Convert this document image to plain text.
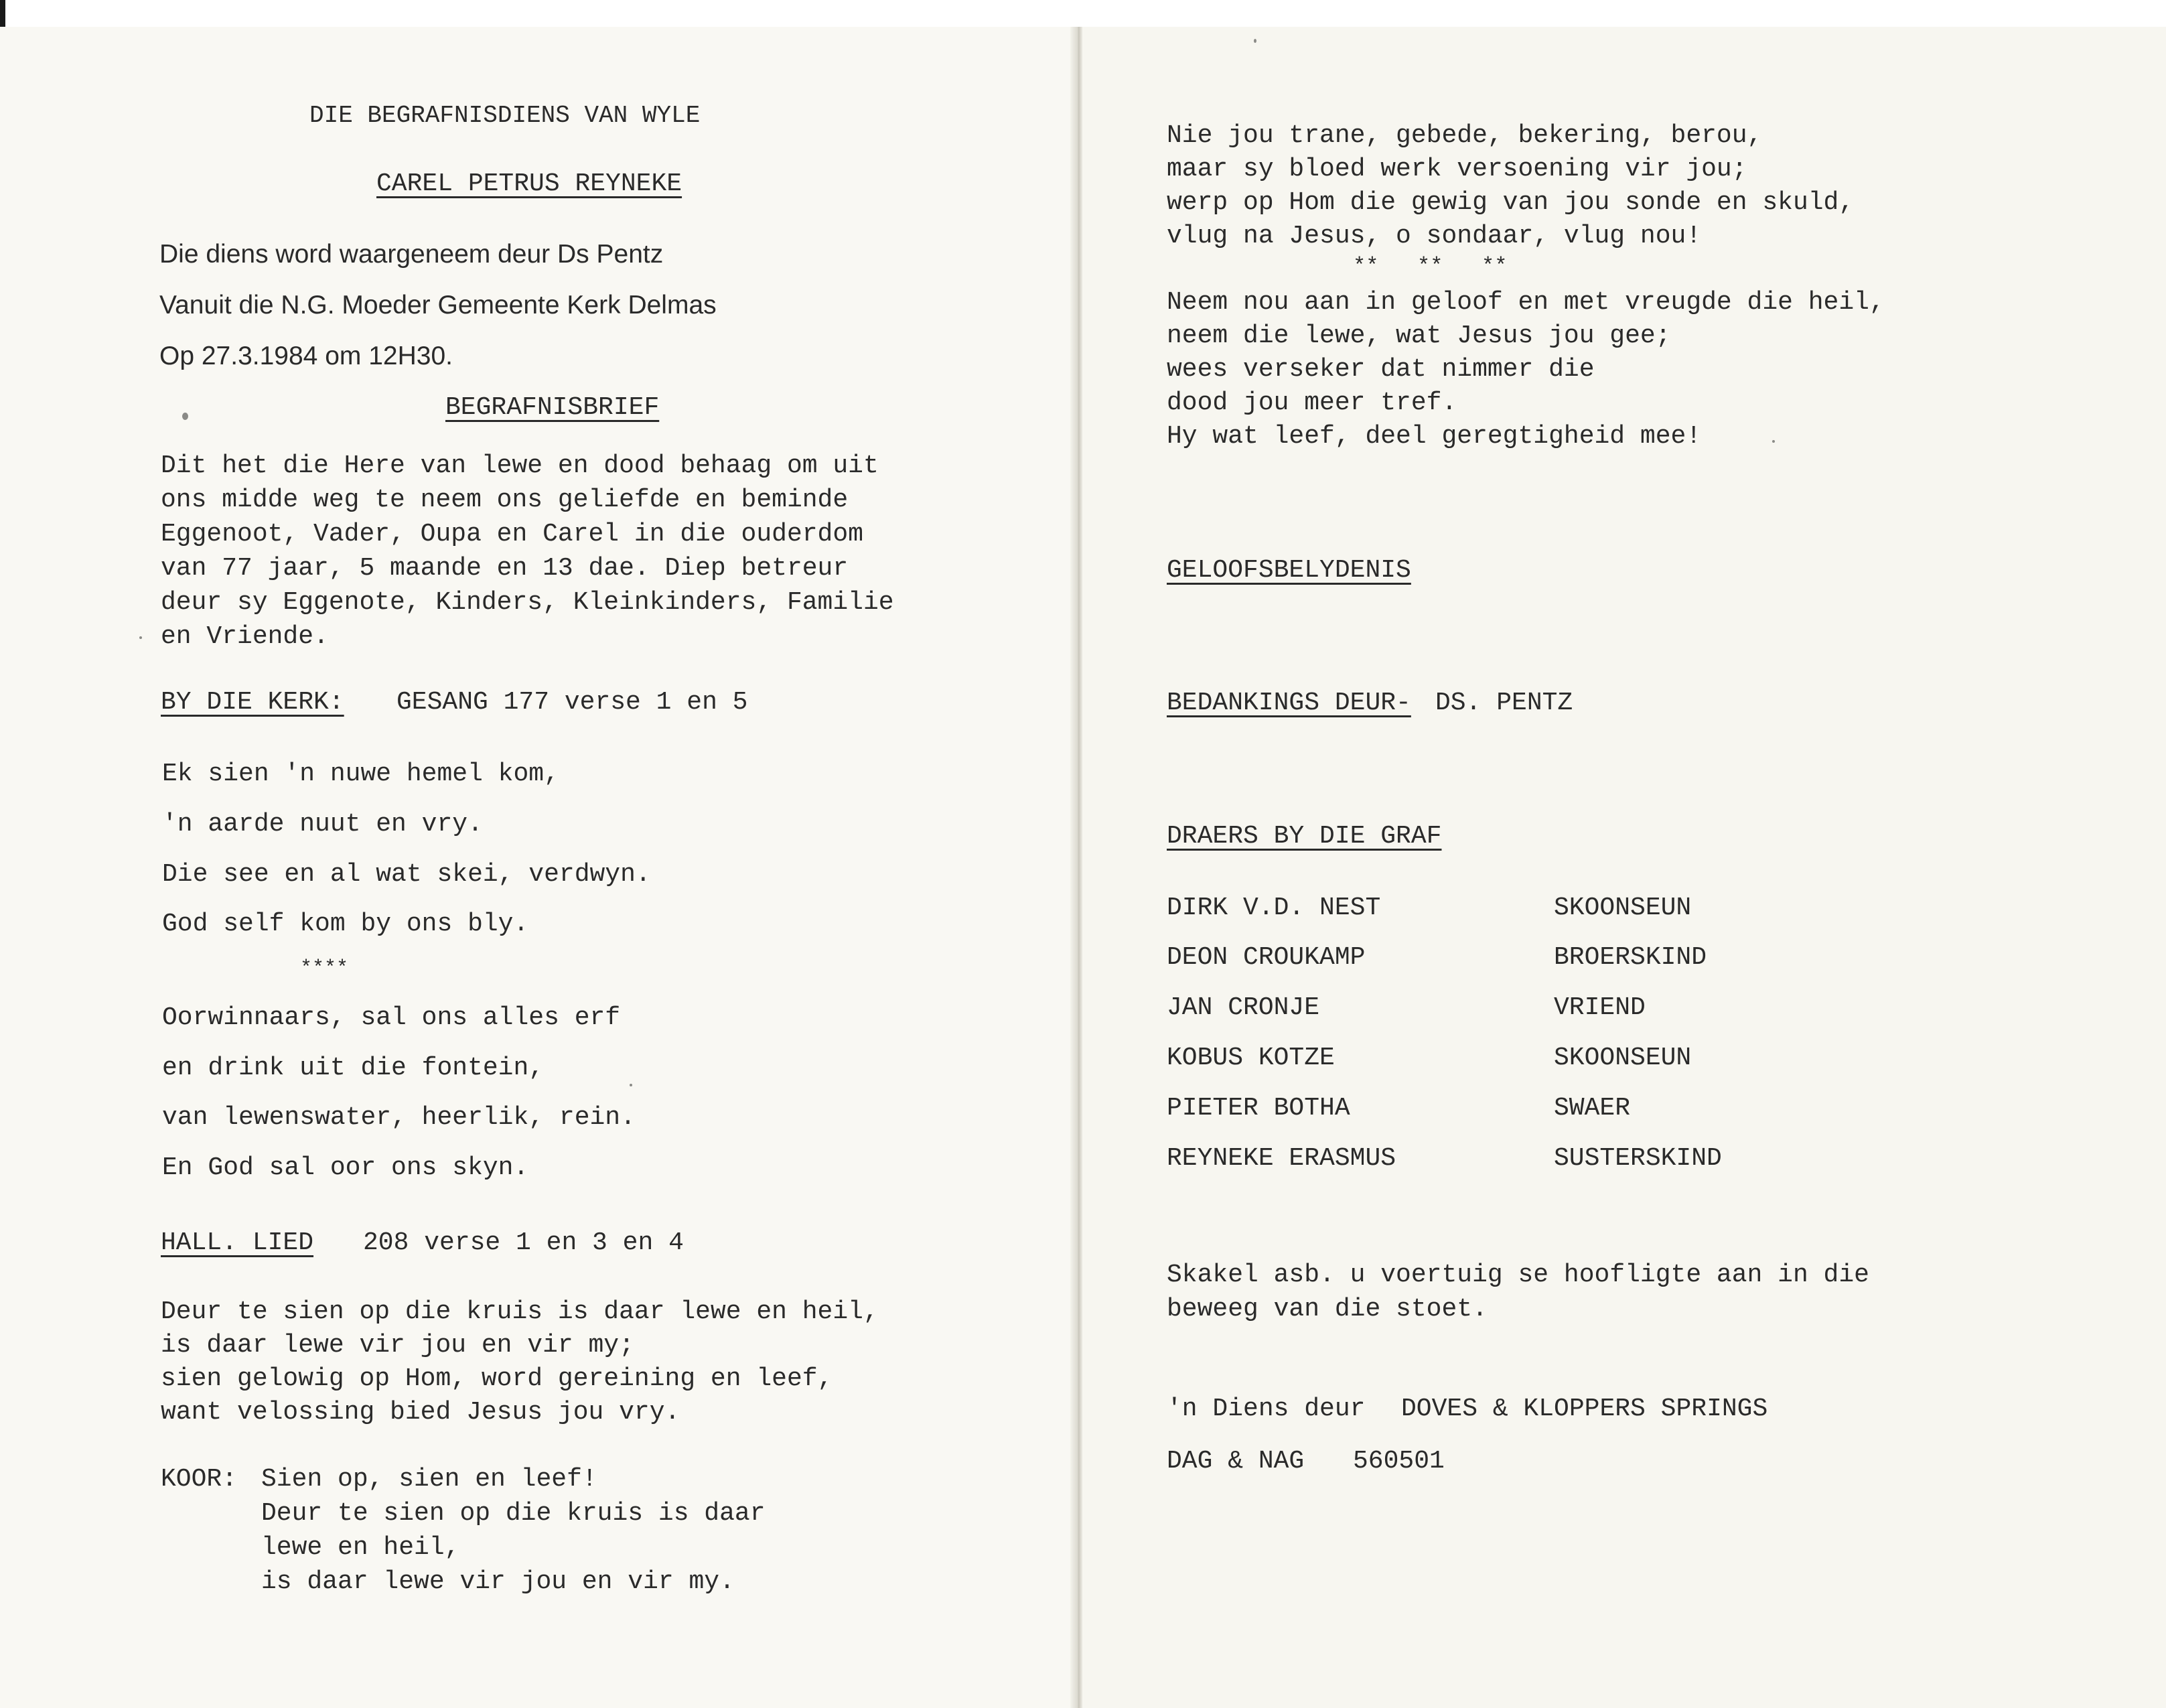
DIE BEGRAFNISDIENS VAN WYLE
CAREL PETRUS REYNEKE
Die diens word waargeneem deur Ds Pentz
Vanuit die N.G. Moeder Gemeente Kerk Delmas
Op 27.3.1984 om 12H30.
BEGRAFNISBRIEF
Dit het die Here van lewe en dood behaag om uit
ons midde weg te neem ons geliefde en beminde
Eggenoot, Vader, Oupa en Carel in die ouderdom
van 77 jaar, 5 maande en 13 dae. Diep betreur
deur sy Eggenote, Kinders, Kleinkinders, Familie
en Vriende.
BY DIE KERK: GESANG 177 verse 1 en 5
Ek sien 'n nuwe hemel kom,
'n aarde nuut en vry.
Die see en al wat skei, verdwyn.
God self kom by ons bly.
****
Oorwinnaars, sal ons alles erf
en drink uit die fontein,
van lewenswater, heerlik, rein.
En God sal oor ons skyn.
HALL. LIED 208 verse 1 en 3 en 4
Deur te sien op die kruis is daar lewe en heil,
is daar lewe vir jou en vir my;
sien gelowig op Hom, word gereining en leef,
want velossing bied Jesus jou vry.
KOOR: Sien op, sien en leef!
Deur te sien op die kruis is daar
lewe en heil,
is daar lewe vir jou en vir my.
Nie jou trane, gebede, bekering, berou,
maar sy bloed werk versoening vir jou;
werp op Hom die gewig van jou sonde en skuld,
vlug na Jesus, o sondaar, vlug nou!
**   **   **
Neem nou aan in geloof en met vreugde die heil,
neem die lewe, wat Jesus jou gee;
wees verseker dat nimmer die
dood jou meer tref.
Hy wat leef, deel geregtigheid mee!
GELOOFSBELYDENIS
BEDANKINGS DEUR- DS. PENTZ
DRAERS BY DIE GRAF
DIRK V.D. NEST	SKOONSEUN
DEON CROUKAMP	BROERSKIND
JAN CRONJE	VRIEND
KOBUS KOTZE	SKOONSEUN
PIETER BOTHA	SWAER
REYNEKE ERASMUS	SUSTERSKIND
Skakel asb. u voertuig se hoofligte aan in die
beweeg van die stoet.
'n Diens deur DOVES & KLOPPERS SPRINGS
DAG & NAG 560501
